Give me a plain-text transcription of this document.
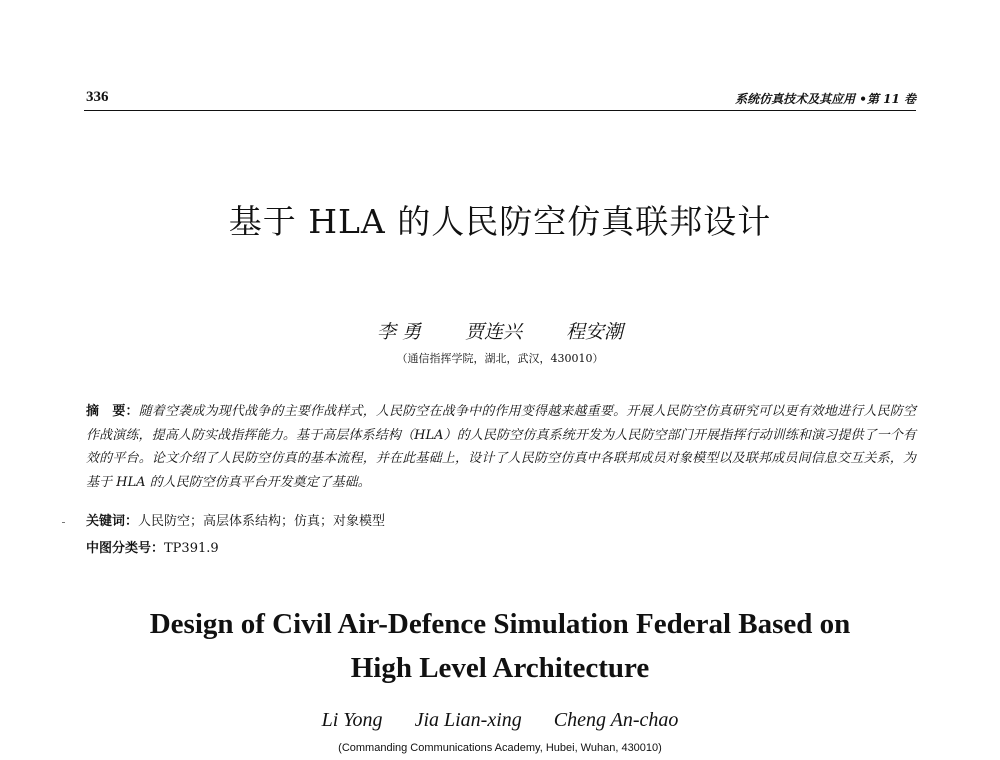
336	系统仿真技术及其应用 •第 11 卷
基于 HLA 的人民防空仿真联邦设计
李 勇 贾连兴 程安潮
（通信指挥学院，湖北，武汉，430010）
摘　要：随着空袭成为现代战争的主要作战样式，人民防空在战争中的作用变得越来越重要。开展人民防空仿真研究可以更有效地进行人民防空作战演练，提高人防实战指挥能力。基于高层体系结构（HLA）的人民防空仿真系统开发为人民防空部门开展指挥行动训练和演习提供了一个有效的平台。论文介绍了人民防空仿真的基本流程，并在此基础上，设计了人民防空仿真中各联邦成员对象模型以及联邦成员间信息交互关系，为基于 HLA 的人民防空仿真平台开发奠定了基础。
关键词：人民防空；高层体系结构；仿真；对象模型
中图分类号：TP391.9
Design of Civil Air-Defence Simulation Federal Based on
High Level Architecture
Li Yong Jia Lian-xing Cheng An-chao
(Commanding Communications Academy, Hubei, Wuhan, 430010)
